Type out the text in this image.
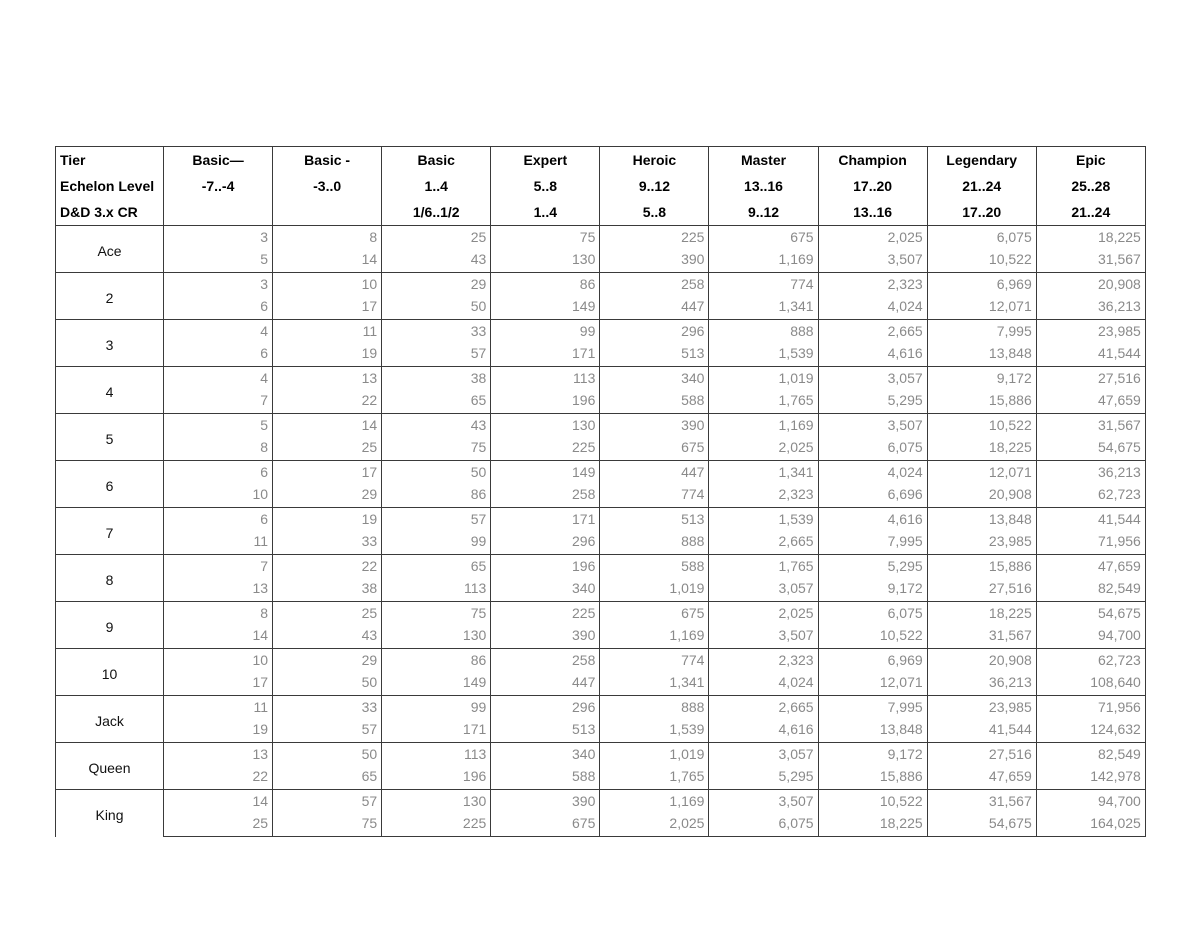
Tier	Basic—	Basic -	Basic	Expert	Heroic	Master	Champion	Legendary	Epic
Echelon Level	-7..-4	-3..0	1..4	5..8	9..12	13..16	17..20	21..24	25..28
D&D 3.x CR			1/6..1/2	1..4	5..8	9..12	13..16	17..20	21..24
Ace	3	8	25	75	225	675	2,025	6,075	18,225
	5	14	43	130	390	1,169	3,507	10,522	31,567
2	3	10	29	86	258	774	2,323	6,969	20,908
	6	17	50	149	447	1,341	4,024	12,071	36,213
3	4	11	33	99	296	888	2,665	7,995	23,985
	6	19	57	171	513	1,539	4,616	13,848	41,544
4	4	13	38	113	340	1,019	3,057	9,172	27,516
	7	22	65	196	588	1,765	5,295	15,886	47,659
5	5	14	43	130	390	1,169	3,507	10,522	31,567
	8	25	75	225	675	2,025	6,075	18,225	54,675
6	6	17	50	149	447	1,341	4,024	12,071	36,213
	10	29	86	258	774	2,323	6,696	20,908	62,723
7	6	19	57	171	513	1,539	4,616	13,848	41,544
	11	33	99	296	888	2,665	7,995	23,985	71,956
8	7	22	65	196	588	1,765	5,295	15,886	47,659
	13	38	113	340	1,019	3,057	9,172	27,516	82,549
9	8	25	75	225	675	2,025	6,075	18,225	54,675
	14	43	130	390	1,169	3,507	10,522	31,567	94,700
10	10	29	86	258	774	2,323	6,969	20,908	62,723
	17	50	149	447	1,341	4,024	12,071	36,213	108,640
Jack	11	33	99	296	888	2,665	7,995	23,985	71,956
	19	57	171	513	1,539	4,616	13,848	41,544	124,632
Queen	13	50	113	340	1,019	3,057	9,172	27,516	82,549
	22	65	196	588	1,765	5,295	15,886	47,659	142,978
King	14	57	130	390	1,169	3,507	10,522	31,567	94,700
	25	75	225	675	2,025	6,075	18,225	54,675	164,025
